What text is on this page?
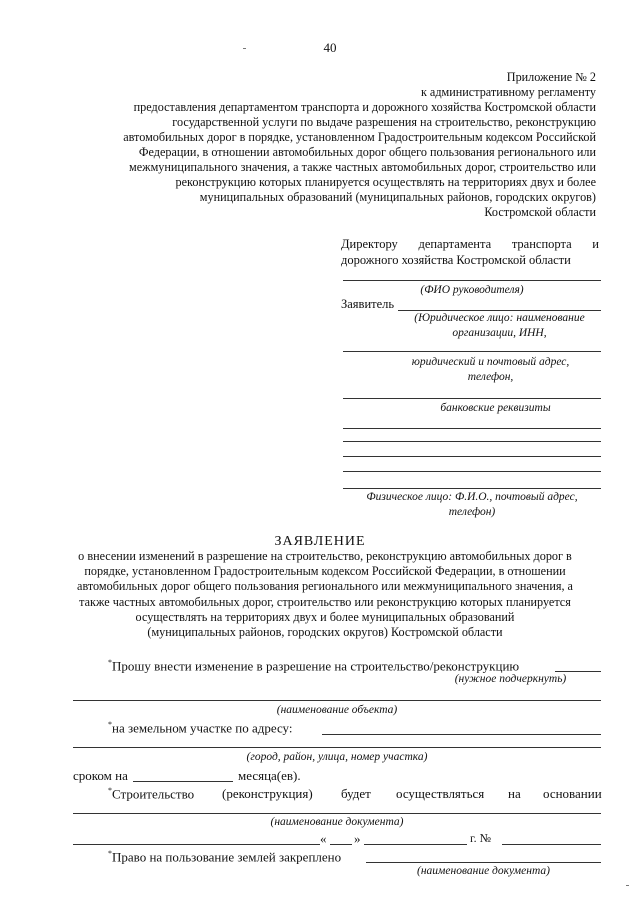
40
Приложение № 2
к административному регламенту
предоставления департаментом транспорта и дорожного хозяйства Костромской области
государственной услуги по выдаче разрешения на строительство, реконструкцию
автомобильных дорог в порядке, установленном Градостроительным кодексом Российской
Федерации, в отношении автомобильных дорог общего пользования регионального или
межмуниципального значения, а также частных автомобильных дорог, строительство или
реконструкцию которых планируется осуществлять на территориях двух и более
муниципальных образований (муниципальных районов, городских округов)
Костромской области
Директору департамента транспорта и
дорожного хозяйства Костромской области
(ФИО руководителя)
Заявитель
(Юридическое лицо: наименование
организации, ИНН,
юридический и почтовый адрес,
телефон,
банковские реквизиты
Физическое лицо: Ф.И.О., почтовый адрес,
телефон)
ЗАЯВЛЕНИЕ
о внесении изменений в разрешение на строительство, реконструкцию автомобильных дорог в
порядке, установленном Градостроительным кодексом Российской Федерации, в отношении
автомобильных дорог общего пользования регионального или межмуниципального значения, а
также частных автомобильных дорог, строительство или реконструкцию которых планируется
осуществлять на территориях двух и более муниципальных образований
(муниципальных районов, городских округов) Костромской области
*Прошу внести изменение в разрешение на строительство/реконструкцию
(нужное подчеркнуть)
(наименование объекта)
*на земельном участке по адресу:
(город, район, улица, номер участка)
сроком на	месяца(ев).
*Строительство (реконструкция) будет осуществляться на основании
(наименование документа)
« »	г. №
*Право на пользование землей закреплено
(наименование документа)
